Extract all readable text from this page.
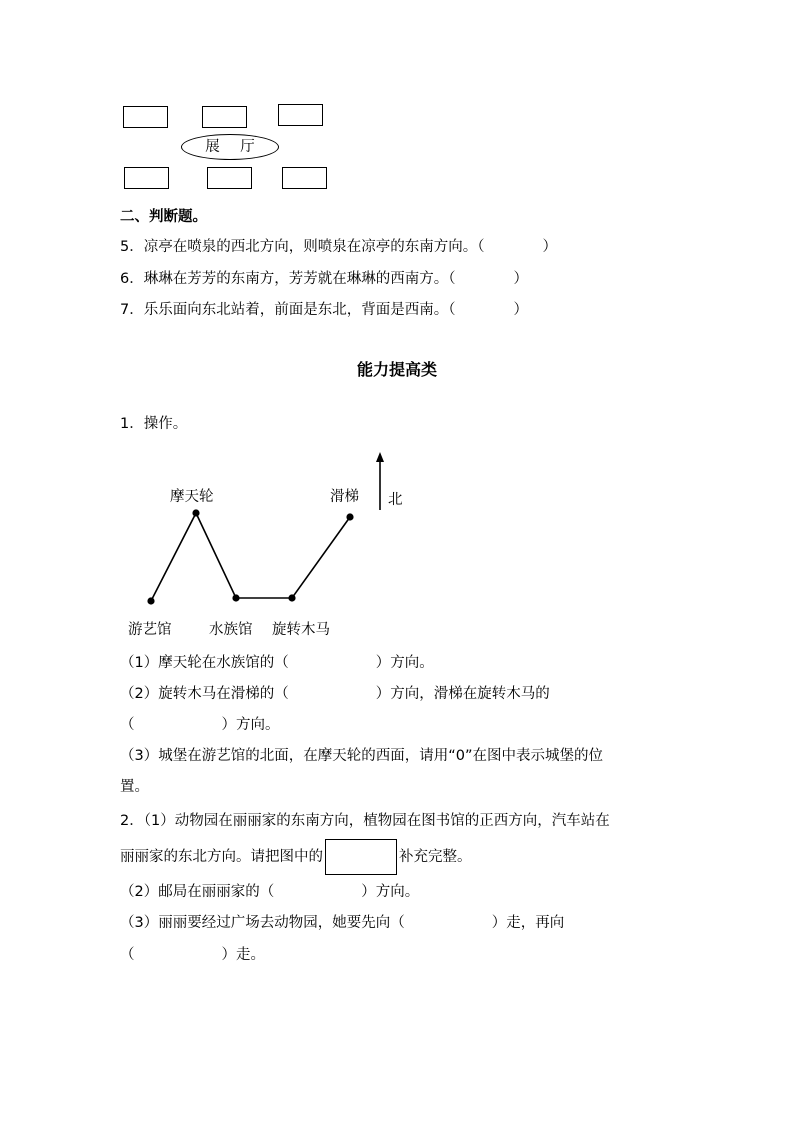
展 厅
二、判断题。
5．凉亭在喷泉的西北方向，则喷泉在凉亭的东南方向。（　　　　）
6．琳琳在芳芳的东南方，芳芳就在琳琳的西南方。（　　　　）
7．乐乐面向东北站着，前面是东北，背面是西南。（　　　　）
能力提高类
1．操作。
北
摩天轮	滑梯
游艺馆	水族馆 旋转木马
（1）摩天轮在水族馆的（　　　　　　）方向。
（2）旋转木马在滑梯的（　　　　　　）方向，滑梯在旋转木马的
（　　　　　　）方向。
（3）城堡在游艺馆的北面，在摩天轮的西面，请用“0”在图中表示城堡的位
置。
2．（1）动物园在丽丽家的东南方向，植物园在图书馆的正西方向，汽车站在
丽丽家的东北方向。请把图中的	补充完整。
（2）邮局在丽丽家的（　　　　　　）方向。
（3）丽丽要经过广场去动物园，她要先向（　　　　　　）走，再向
（　　　　　　）走。
